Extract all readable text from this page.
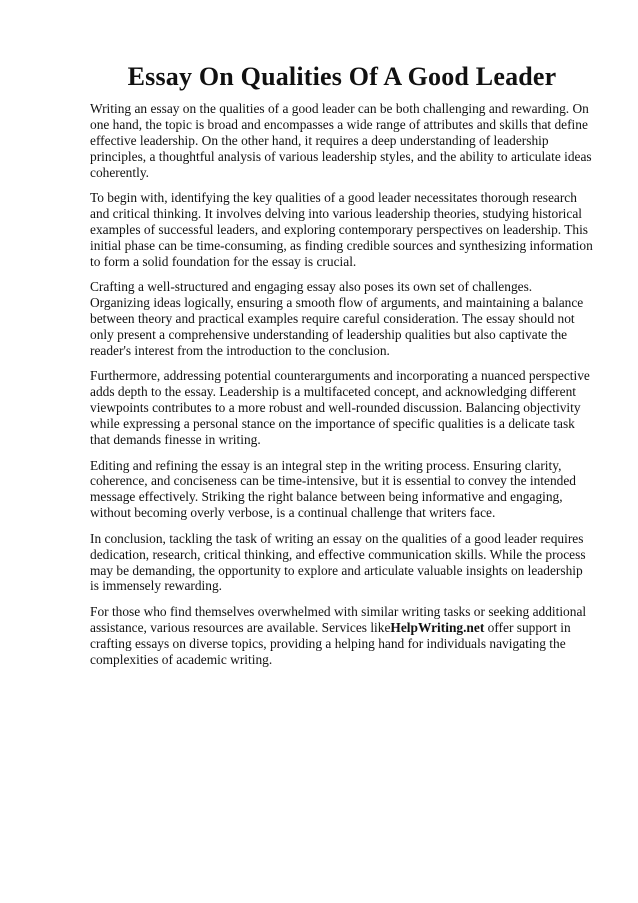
Essay On Qualities Of A Good Leader

Writing an essay on the qualities of a good leader can be both challenging and rewarding. On one hand, the topic is broad and encompasses a wide range of attributes and skills that define effective leadership. On the other hand, it requires a deep understanding of leadership principles, a thoughtful analysis of various leadership styles, and the ability to articulate ideas coherently.

To begin with, identifying the key qualities of a good leader necessitates thorough research and critical thinking. It involves delving into various leadership theories, studying historical examples of successful leaders, and exploring contemporary perspectives on leadership. This initial phase can be time-consuming, as finding credible sources and synthesizing information to form a solid foundation for the essay is crucial.

Crafting a well-structured and engaging essay also poses its own set of challenges. Organizing ideas logically, ensuring a smooth flow of arguments, and maintaining a balance between theory and practical examples require careful consideration. The essay should not only present a comprehensive understanding of leadership qualities but also captivate the reader's interest from the introduction to the conclusion.

Furthermore, addressing potential counterarguments and incorporating a nuanced perspective adds depth to the essay. Leadership is a multifaceted concept, and acknowledging different viewpoints contributes to a more robust and well-rounded discussion. Balancing objectivity while expressing a personal stance on the importance of specific qualities is a delicate task that demands finesse in writing.

Editing and refining the essay is an integral step in the writing process. Ensuring clarity, coherence, and conciseness can be time-intensive, but it is essential to convey the intended message effectively. Striking the right balance between being informative and engaging, without becoming overly verbose, is a continual challenge that writers face.

In conclusion, tackling the task of writing an essay on the qualities of a good leader requires dedication, research, critical thinking, and effective communication skills. While the process may be demanding, the opportunity to explore and articulate valuable insights on leadership is immensely rewarding.

For those who find themselves overwhelmed with similar writing tasks or seeking additional assistance, various resources are available. Services likeHelpWriting.net offer support in crafting essays on diverse topics, providing a helping hand for individuals navigating the complexities of academic writing.
